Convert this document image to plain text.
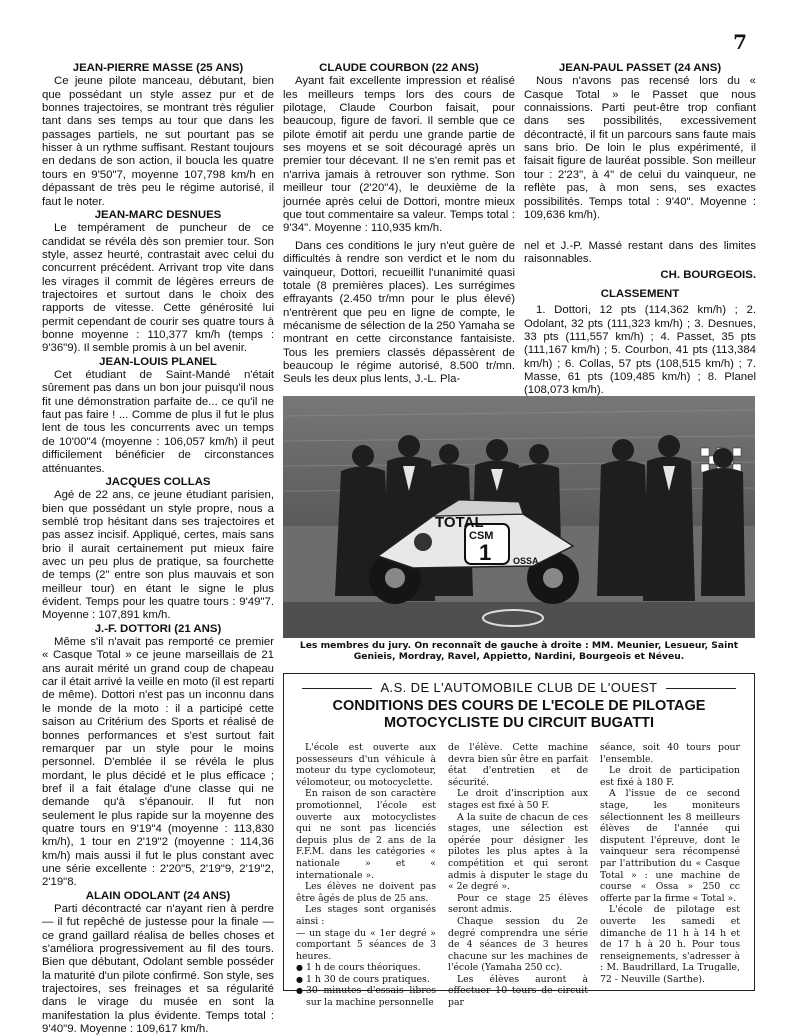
7
JEAN-PIERRE MASSE (25 ANS)

Ce jeune pilote manceau, débutant, bien que possédant un style assez pur et de bonnes trajectoires, se montrant très régulier tant dans ses temps au tour que dans les passages partiels, ne sut pourtant pas se hisser à un rythme suffisant. Restant toujours en dedans de son action, il boucla les quatre tours en 9'50"7, moyenne 107,798 km/h en dépassant de très peu le régime autorisé, il faut le noter.

JEAN-MARC DESNUES

Le tempérament de puncheur de ce candidat se révéla dès son premier tour. Son style, assez heurté, contrastait avec celui du concurrent précédent. Arrivant trop vite dans les virages il commit de légères erreurs de trajectoires et surtout dans le choix des rapports de vitesse. Cette générosité lui permit cependant de courir ses quatre tours à bonne moyenne : 110,377 km/h (temps : 9'36"9). Il semble promis à un bel avenir.

JEAN-LOUIS PLANEL

Cet étudiant de Saint-Mandé n'était sûrement pas dans un bon jour puisqu'il nous fit une démonstration parfaite de... ce qu'il ne faut pas faire ! ... Comme de plus il fut le plus lent de tous les concurrents avec un temps de 10'00"4 (moyenne : 106,057 km/h) il peut difficilement bénéficier de circonstances atténuantes.

JACQUES COLLAS

Agé de 22 ans, ce jeune étudiant parisien, bien que possédant un style propre, nous a semblé trop hésitant dans ses trajectoires et pas assez incisif. Appliqué, certes, mais sans brio il aurait certainement put mieux faire avec un peu plus de pratique, sa fourchette de temps (2" entre son plus mauvais et son meilleur tour) en étant le signe le plus évident. Temps pour les quatre tours : 9'49"7. Moyenne : 107,891 km/h.

J.-F. DOTTORI (21 ANS)

Même s'il n'avait pas remporté ce premier « Casque Total » ce jeune marseillais de 21 ans aurait mérité un grand coup de chapeau car il était arrivé la veille en moto (il est reparti de même). Dottori n'est pas un inconnu dans le monde de la moto : il a participé cette saison au Critérium des Sports et réalisé de bonnes performances et s'est surtout fait remarquer par un style pour le moins personnel. D'emblée il se révéla le plus mordant, le plus décidé et le plus efficace ; bref il a fait étalage d'une classe qui ne demande qu'à s'épanouir. Il fut non seulement le plus rapide sur la moyenne des quatre tours en 9'19"4 (moyenne : 113,830 km/h), 1 tour en 2'19"2 (moyenne : 114,36 km/h) mais aussi il fut le plus constant avec une série excellente : 2'20"5, 2'19"9, 2'19"2, 2'19"8.

ALAIN ODOLANT (24 ANS)

Parti décontracté car n'ayant rien à perdre — il fut repêché de justesse pour la finale — ce grand gaillard réalisa de belles choses et s'améliora progressivement au fil des tours. Bien que débutant, Odolant semble posséder la maturité d'un pilote confirmé. Son style, ses trajectoires, ses freinages et sa régularité dans le virage du musée en sont la manifestation la plus évidente. Temps total : 9'40"9. Moyenne : 109,617 km/h.

CLAUDE COURBON (22 ANS)

Ayant fait excellente impression et réalisé les meilleurs temps lors des cours de pilotage, Claude Courbon faisait, pour beaucoup, figure de favori. Il semble que ce pilote émotif ait perdu une grande partie de ses moyens et se soit découragé après un premier tour décevant. Il ne s'en remit pas et n'arriva jamais à retrouver son rythme. Son meilleur tour (2'20"4), le deuxième de la journée après celui de Dottori, montre mieux que tout commentaire sa valeur. Temps total : 9'34". Moyenne : 110,935 km/h.

JEAN-PAUL PASSET (24 ANS)

Nous n'avons pas recensé lors du « Casque Total » le Passet que nous connaissions. Parti peut-être trop confiant dans ses possibilités, excessivement décontracté, il fit un parcours sans faute mais sans brio. De loin le plus expérimenté, il faisait figure de lauréat possible. Son meilleur tour : 2'23", à 4" de celui du vainqueur, ne reflète pas, à mon sens, ses exactes possibilités. Temps total : 9'40". Moyenne : 109,636 km/h).

Dans ces conditions le jury n'eut guère de difficultés à rendre son verdict et le nom du vainqueur, Dottori, recueillit l'unanimité quasi totale (8 premières places). Les surrégimes effrayants (2.450 tr/mn pour le plus élevé) n'entrèrent que peu en ligne de compte, le mécanisme de sélection de la 250 Yamaha se montrant en cette circonstance fantaisiste. Tous les premiers classés dépassèrent de beaucoup le régime autorisé, 8.500 tr/mn. Seuls les deux plus lents, J.-L. Pla-

nel et J.-P. Massé restant dans des limites raisonnables.

CH. BOURGEOIS.
CLASSEMENT

1. Dottori, 12 pts (114,362 km/h) ; 2. Odolant, 32 pts (111,323 km/h) ; 3. Desnues, 33 pts (111,557 km/h) ; 4. Passet, 35 pts (111,167 km/h) ; 5. Courbon, 41 pts (113,384 km/h) ; 6. Collas, 57 pts (108,515 km/h) ; 7. Masse, 61 pts (109,485 km/h) ; 8. Planel (108,073 km/h).

CSM
1
TOTAL
OSSA
Les membres du jury. On reconnaît de gauche à droite : MM. Meunier, Lesueur, Saint Genieis, Mordray, Ravel, Appietto, Nardini, Bourgeois et Néveu.
A.S. DE L'AUTOMOBILE CLUB DE L'OUEST
CONDITIONS DES COURS DE L'ECOLE DE PILOTAGE
MOTOCYCLISTE DU CIRCUIT BUGATTI

L'école est ouverte aux possesseurs d'un véhicule à moteur du type cyclomoteur, vélomoteur, ou motocyclette.

En raison de son caractère promotionnel, l'école est ouverte aux motocyclistes qui ne sont pas licenciés depuis plus de 2 ans de la F.F.M. dans les catégories « nationale » et « internationale ».

Les élèves ne doivent pas être âgés de plus de 25 ans.

Les stages sont organisés ainsi :

— un stage du « 1er degré » comportant 5 séances de 3 heures.

● 1 h de cours théoriques.
● 1 h 30 de cours pratiques.
● 30 minutes d'essais libres sur la machine personnelle

de l'élève. Cette machine devra bien sûr être en parfait état d'entretien et de sécurité.

Le droit d'inscription aux stages est fixé à 50 F.

A la suite de chacun de ces stages, une sélection est opérée pour désigner les pilotes les plus aptes à la compétition et qui seront admis à disputer le stage du « 2e degré ».

Pour ce stage 25 élèves seront admis.

Chaque session du 2e degré comprendra une série de 4 séances de 3 heures chacune sur les machines de l'école (Yamaha 250 cc).

Les élèves auront à effectuer 10 tours de circuit par

séance, soit 40 tours pour l'ensemble.

Le droit de participation est fixé à 180 F.

A l'issue de ce second stage, les moniteurs sélectionnent les 8 meilleurs élèves de l'année qui disputent l'épreuve, dont le vainqueur sera récompensé par l'attribution du « Casque Total » : une machine de course « Ossa » 250 cc offerte par la firme « Total ».

L'école de pilotage est ouverte les samedi et dimanche de 11 h à 14 h et de 17 h à 20 h. Pour tous renseignements, s'adresser à : M. Baudrillard, La Trugalle, 72 - Neuville (Sarthe).
